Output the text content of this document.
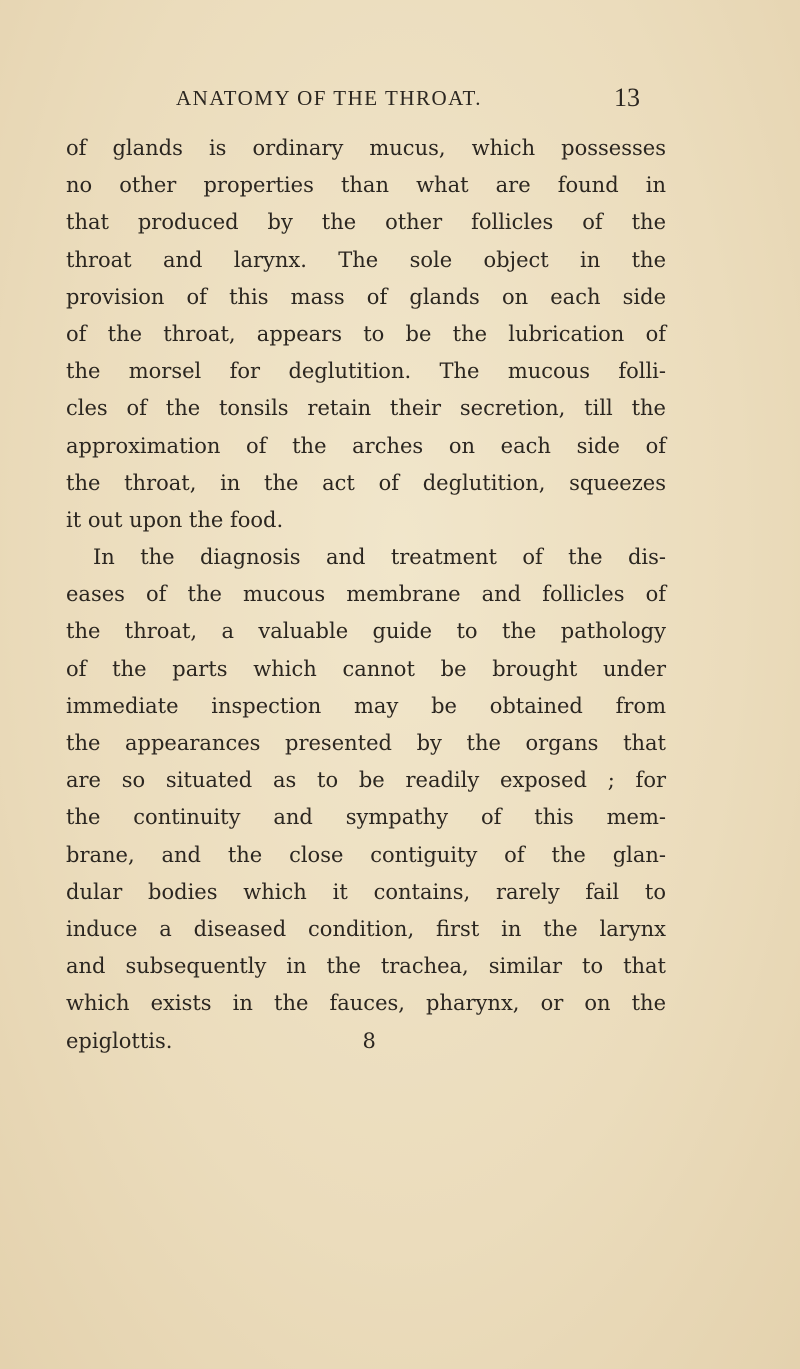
ANATOMY OF THE THROAT.	13
of glands is ordinary mucus, which possesses
no other properties than what are found in
that produced by the other follicles of the
throat and larynx. The sole object in the
provision of this mass of glands on each side
of the throat, appears to be the lubrication of
the morsel for deglutition. The mucous folli-
cles of the tonsils retain their secretion, till the
approximation of the arches on each side of
the throat, in the act of deglutition, squeezes
it out upon the food.
In the diagnosis and treatment of the dis-
eases of the mucous membrane and follicles of
the throat, a valuable guide to the pathology
of the parts which cannot be brought under
immediate inspection may be obtained from
the appearances presented by the organs that
are so situated as to be readily exposed ; for
the continuity and sympathy of this mem-
brane, and the close contiguity of the glan-
dular bodies which it contains, rarely fail to
induce a diseased condition, first in the larynx
and subsequently in the trachea, similar to that
which exists in the fauces, pharynx, or on the
epiglottis.	8
